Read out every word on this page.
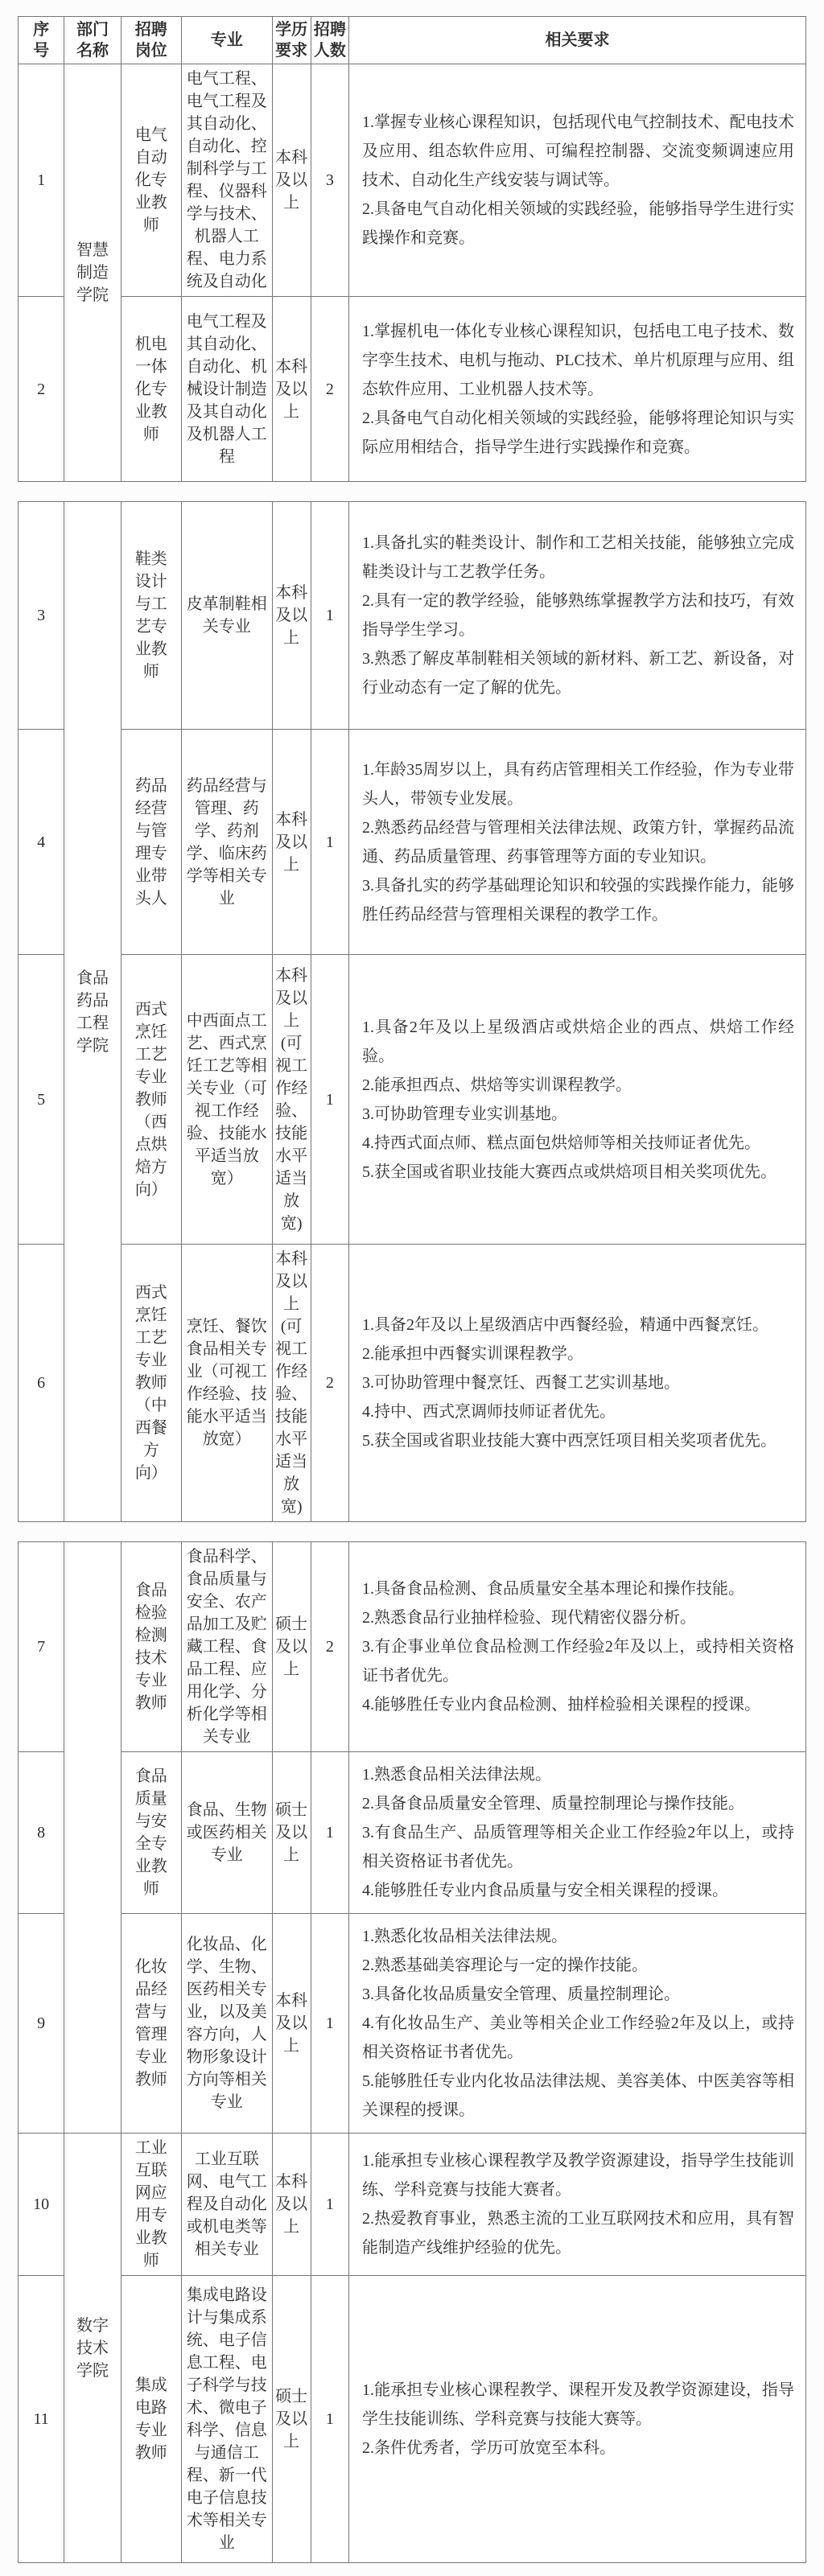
序号	部门名称	招聘岗位	专业	学历要求	招聘人数	相关要求
1	智慧制造学院	电气自动化专业教师	电气工程、电气工程及其自动化、自动化、控制科学与工程、仪器科学与技术、机器人工程、电力系统及自动化	本科及以上	3	1.掌握专业核心课程知识，包括现代电气控制技术、配电技术及应用、组态软件应用、可编程控制器、交流变频调速应用技术、自动化生产线安装与调试等。
2.具备电气自动化相关领域的实践经验，能够指导学生进行实践操作和竞赛。

2		机电一体化专业教师	电气工程及其自动化、自动化、机械设计制造及其自动化及机器人工程	本科及以上	2	1.掌握机电一体化专业核心课程知识，包括电工电子技术、数字孪生技术、电机与拖动、PLC技术、单片机原理与应用、组态软件应用、工业机器人技术等。
2.具备电气自动化相关领域的实践经验，能够将理论知识与实际应用相结合，指导学生进行实践操作和竞赛。
3	食品药品工程学院	鞋类设计与工艺专业教师	皮革制鞋相关专业	本科及以上	1	1.具备扎实的鞋类设计、制作和工艺相关技能，能够独立完成鞋类设计与工艺教学任务。
2.具有一定的教学经验，能够熟练掌握教学方法和技巧，有效指导学生学习。
3.熟悉了解皮革制鞋相关领域的新材料、新工艺、新设备，对行业动态有一定了解的优先。

4		药品经营与管理专业带头人	药品经营与管理、药学、药剂学、临床药学等相关专业	本科及以上	1	1.年龄35周岁以上，具有药店管理相关工作经验，作为专业带头人，带领专业发展。
2.熟悉药品经营与管理相关法律法规、政策方针，掌握药品流通、药品质量管理、药事管理等方面的专业知识。
3.具备扎实的药学基础理论知识和较强的实践操作能力，能够胜任药品经营与管理相关课程的教学工作。

5		西式烹饪工艺专业教师（西点烘焙方向）	中西面点工艺、西式烹饪工艺等相关专业（可视工作经验、技能水平适当放宽）	本科及以上(可视工作经验、技能水平适当放宽)	1	1.具备2年及以上星级酒店或烘焙企业的西点、烘焙工作经验。
2.能承担西点、烘焙等实训课程教学。
3.可协助管理专业实训基地。
4.持西式面点师、糕点面包烘焙师等相关技师证者优先。
5.获全国或省职业技能大赛西点或烘焙项目相关奖项优先。

6		西式烹饪工艺专业教师（中西餐方向）	烹饪、餐饮食品相关专业（可视工作经验、技能水平适当放宽）	本科及以上(可视工作经验、技能水平适当放宽)	2	1.具备2年及以上星级酒店中西餐经验，精通中西餐烹饪。
2.能承担中西餐实训课程教学。
3.可协助管理中餐烹饪、西餐工艺实训基地。
4.持中、西式烹调师技师证者优先。
5.获全国或省职业技能大赛中西烹饪项目相关奖项者优先。
7		食品检验检测技术专业教师	食品科学、食品质量与安全、农产品加工及贮藏工程、食品工程、应用化学、分析化学等相关专业	硕士及以上	2	1.具备食品检测、食品质量安全基本理论和操作技能。
2.熟悉食品行业抽样检验、现代精密仪器分析。
3.有企事业单位食品检测工作经验2年及以上，或持相关资格证书者优先。
4.能够胜任专业内食品检测、抽样检验相关课程的授课。

8		食品质量与安全专业教师	食品、生物或医药相关专业	硕士及以上	1	1.熟悉食品相关法律法规。
2.具备食品质量安全管理、质量控制理论与操作技能。
3.有食品生产、品质管理等相关企业工作经验2年以上，或持相关资格证书者优先。
4.能够胜任专业内食品质量与安全相关课程的授课。

9		化妆品经营与管理专业教师	化妆品、化学、生物、医药相关专业，以及美容方向，人物形象设计方向等相关专业	本科及以上	1	1.熟悉化妆品相关法律法规。
2.熟悉基础美容理论与一定的操作技能。
3.具备化妆品质量安全管理、质量控制理论。
4.有化妆品生产、美业等相关企业工作经验2年及以上，或持相关资格证书者优先。
5.能够胜任专业内化妆品法律法规、美容美体、中医美容等相关课程的授课。

10	数字技术学院	工业互联网应用专业教师	工业互联网、电气工程及自动化或机电类等相关专业	本科及以上	1	1.能承担专业核心课程教学及教学资源建设，指导学生技能训练、学科竞赛与技能大赛者。
2.热爱教育事业，熟悉主流的工业互联网技术和应用，具有智能制造产线维护经验的优先。

11		集成电路专业教师	集成电路设计与集成系统、电子信息工程、电子科学与技术、微电子科学、信息与通信工程、新一代电子信息技术等相关专业	硕士及以上	1	1.能承担专业核心课程教学、课程开发及教学资源建设，指导学生技能训练、学科竞赛与技能大赛等。
2.条件优秀者，学历可放宽至本科。
